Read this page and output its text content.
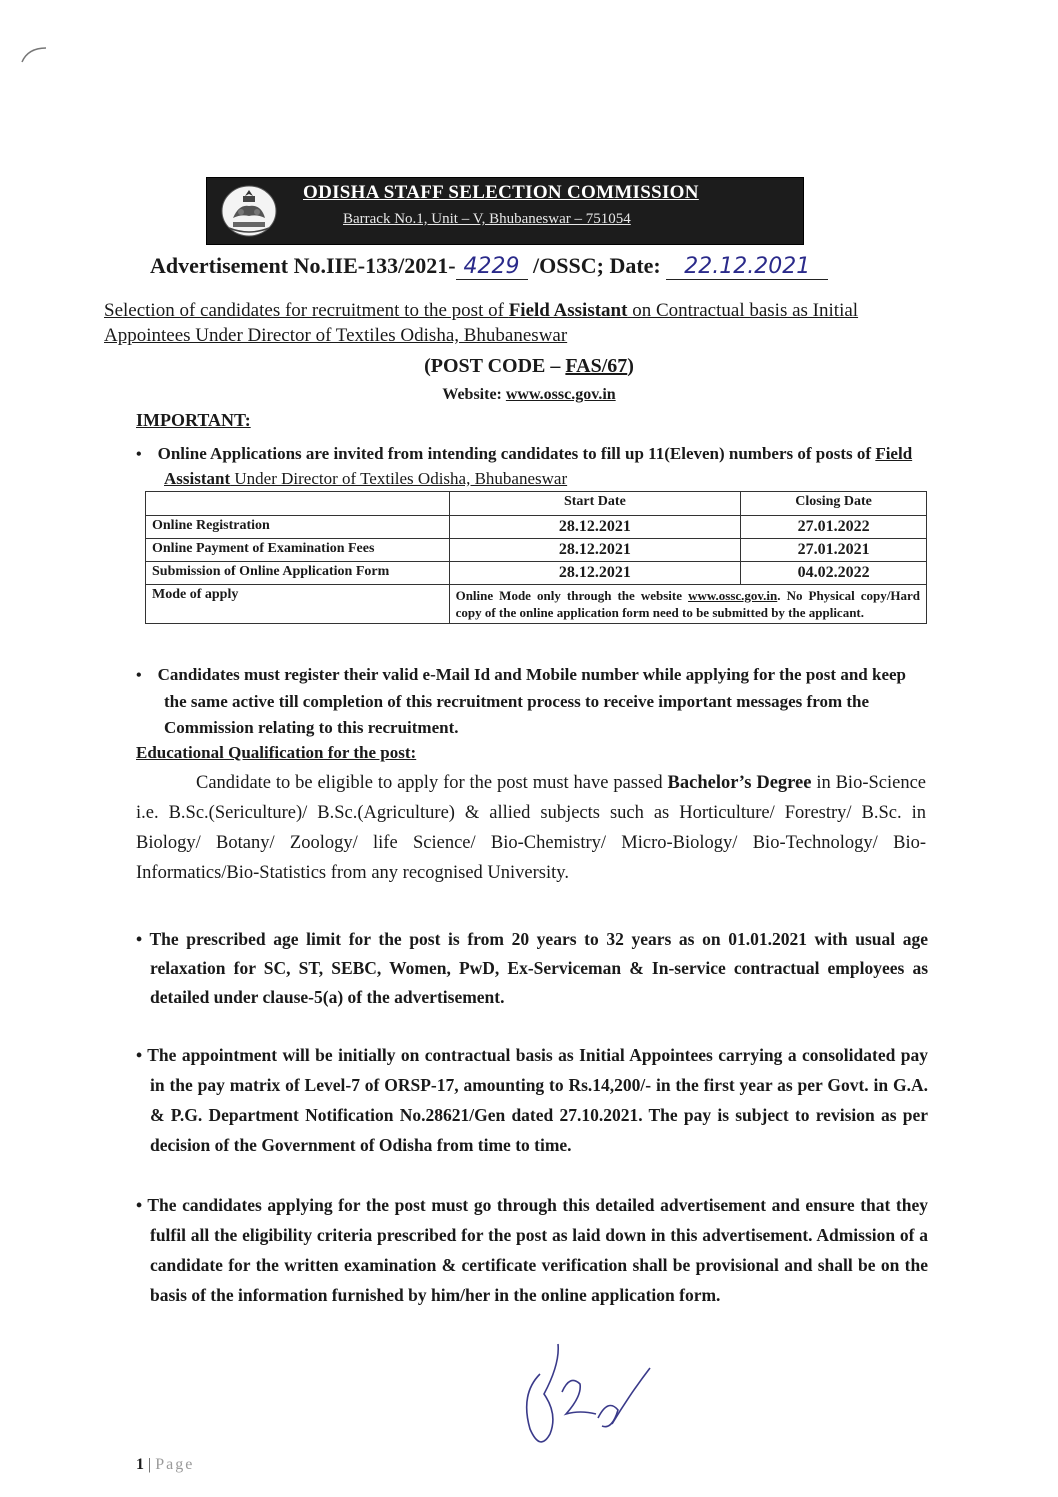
ODISHA STAFF SELECTION COMMISSION
Barrack No.1, Unit – V, Bhubaneswar – 751054
Advertisement No.IIE-133/2021- 4229 /OSSC; Date: 22.12.2021
Selection of candidates for recruitment to the post of Field Assistant on Contractual basis as Initial Appointees Under Director of Textiles Odisha, Bhubaneswar
(POST CODE – FAS/67)
Website: www.ossc.gov.in
IMPORTANT:
•    Online Applications are invited from intending candidates to fill up 11(Eleven) numbers of posts of Field Assistant Under Director of Textiles Odisha, Bhubaneswar
	Start Date	Closing Date
Online Registration	28.12.2021	27.01.2022
Online Payment of Examination Fees	28.12.2021	27.01.2021
Submission of Online Application Form	28.12.2021	04.02.2022
Mode of apply	Online Mode only through the website www.ossc.gov.in. No Physical copy/Hard copy of the online application form need to be submitted by the applicant.	
•    Candidates must register their valid e-Mail Id and Mobile number while applying for the post and keep the same active till completion of this recruitment process to receive important messages from the Commission relating to this recruitment.
Educational Qualification for the post:
Candidate to be eligible to apply for the post must have passed Bachelor’s Degree in Bio-Science i.e. B.Sc.(Sericulture)/ B.Sc.(Agriculture) & allied subjects such as Horticulture/ Forestry/ B.Sc. in Biology/ Botany/ Zoology/ life Science/ Bio-Chemistry/ Micro-Biology/ Bio-Technology/ Bio-Informatics/Bio-Statistics from any recognised University.
• The prescribed age limit for the post is from 20 years to 32 years as on 01.01.2021 with usual age relaxation for SC, ST, SEBC, Women, PwD, Ex-Serviceman & In-service contractual employees as detailed under clause-5(a) of the advertisement.
• The appointment will be initially on contractual basis as Initial Appointees carrying a consolidated pay in the pay matrix of Level-7 of ORSP-17, amounting to Rs.14,200/- in the first year as per Govt. in G.A. & P.G. Department Notification No.28621/Gen dated 27.10.2021. The pay is subject to revision as per decision of the Government of Odisha from time to time.
• The candidates applying for the post must go through this detailed advertisement and ensure that they fulfil all the eligibility criteria prescribed for the post as laid down in this advertisement. Admission of a candidate for the written examination & certificate verification shall be provisional and shall be on the basis of the information furnished by him/her in the online application form.
1 | Page
